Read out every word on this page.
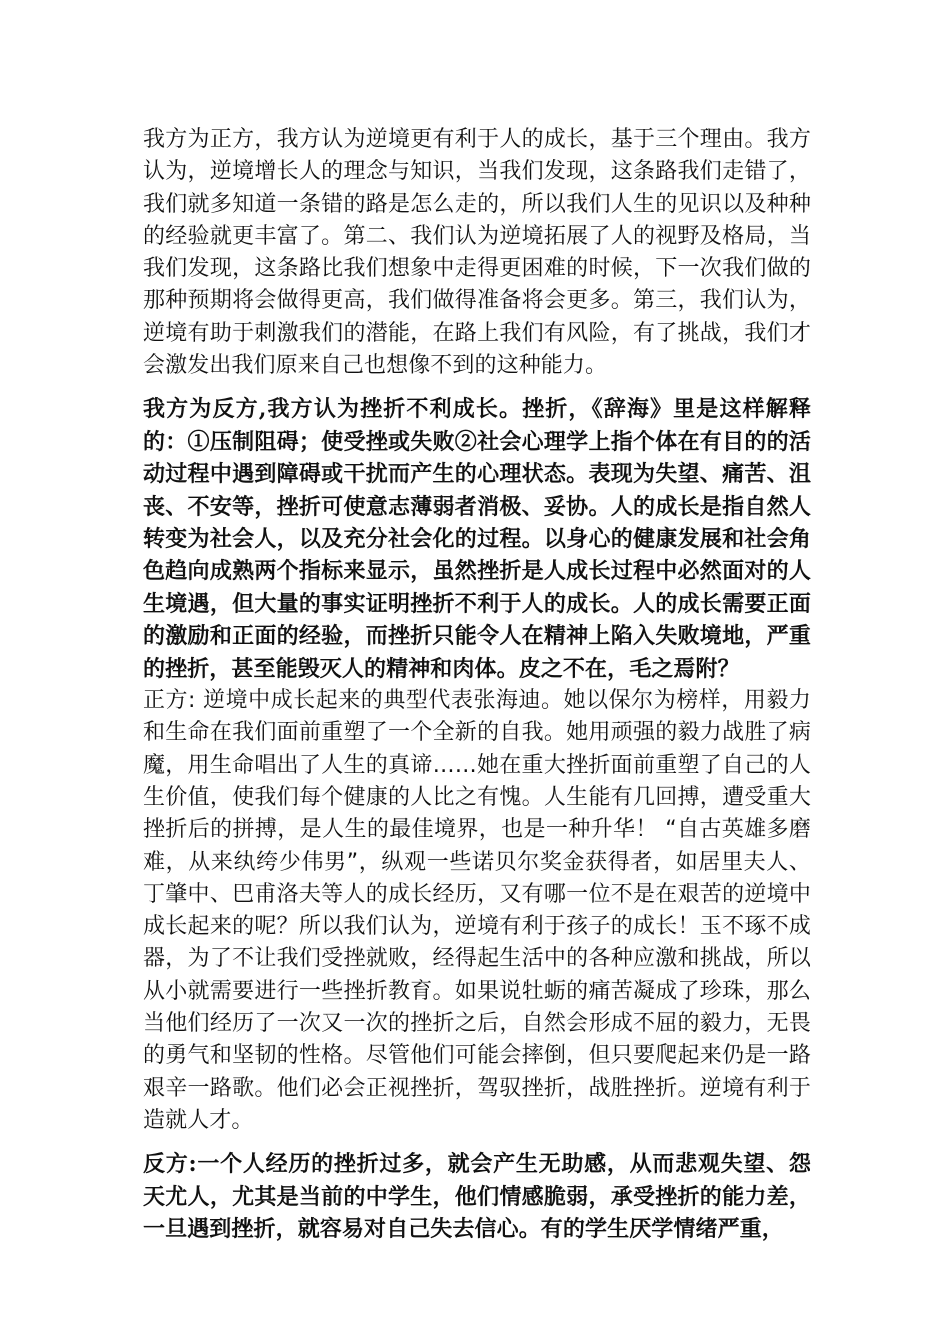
我方为正方，我方认为逆境更有利于人的成长，基于三个理由。我方认为，逆境增长人的理念与知识，当我们发现，这条路我们走错了，我们就多知道一条错的路是怎么走的，所以我们人生的见识以及种种的经验就更丰富了。第二、我们认为逆境拓展了人的视野及格局，当我们发现，这条路比我们想象中走得更困难的时候，下一次我们做的那种预期将会做得更高，我们做得准备将会更多。第三，我们认为，逆境有助于刺激我们的潜能，在路上我们有风险，有了挑战，我们才会激发出我们原来自己也想像不到的这种能力。

我方为反方,我方认为挫折不利成长。挫折，《辞海》里是这样解释的：①压制阻碍；使受挫或失败②社会心理学上指个体在有目的的活动过程中遇到障碍或干扰而产生的心理状态。表现为失望、痛苦、沮丧、不安等，挫折可使意志薄弱者消极、妥协。人的成长是指自然人转变为社会人，以及充分社会化的过程。以身心的健康发展和社会角色趋向成熟两个指标来显示，虽然挫折是人成长过程中必然面对的人生境遇，但大量的事实证明挫折不利于人的成长。人的成长需要正面的激励和正面的经验，而挫折只能令人在精神上陷入失败境地，严重的挫折，甚至能毁灭人的精神和肉体。皮之不在，毛之焉附？

正方: 逆境中成长起来的典型代表张海迪。她以保尔为榜样，用毅力和生命在我们面前重塑了一个全新的自我。她用顽强的毅力战胜了病魔，用生命唱出了人生的真谛……她在重大挫折面前重塑了自己的人生价值，使我们每个健康的人比之有愧。人生能有几回搏，遭受重大挫折后的拼搏，是人生的最佳境界，也是一种升华！ “自古英雄多磨难，从来纨绔少伟男”，纵观一些诺贝尔奖金获得者，如居里夫人、丁肇中、巴甫洛夫等人的成长经历，又有哪一位不是在艰苦的逆境中成长起来的呢？所以我们认为，逆境有利于孩子的成长！玉不琢不成器，为了不让我们受挫就败，经得起生活中的各种应激和挑战，所以从小就需要进行一些挫折教育。如果说牡蛎的痛苦凝成了珍珠，那么当他们经历了一次又一次的挫折之后，自然会形成不屈的毅力，无畏的勇气和坚韧的性格。尽管他们可能会摔倒，但只要爬起来仍是一路艰辛一路歌。他们必会正视挫折，驾驭挫折，战胜挫折。逆境有利于造就人才。

反方:一个人经历的挫折过多，就会产生无助感，从而悲观失望、怨天尤人，尤其是当前的中学生，他们情感脆弱，承受挫折的能力差，一旦遇到挫折，就容易对自己失去信心。有的学生厌学情绪严重，
